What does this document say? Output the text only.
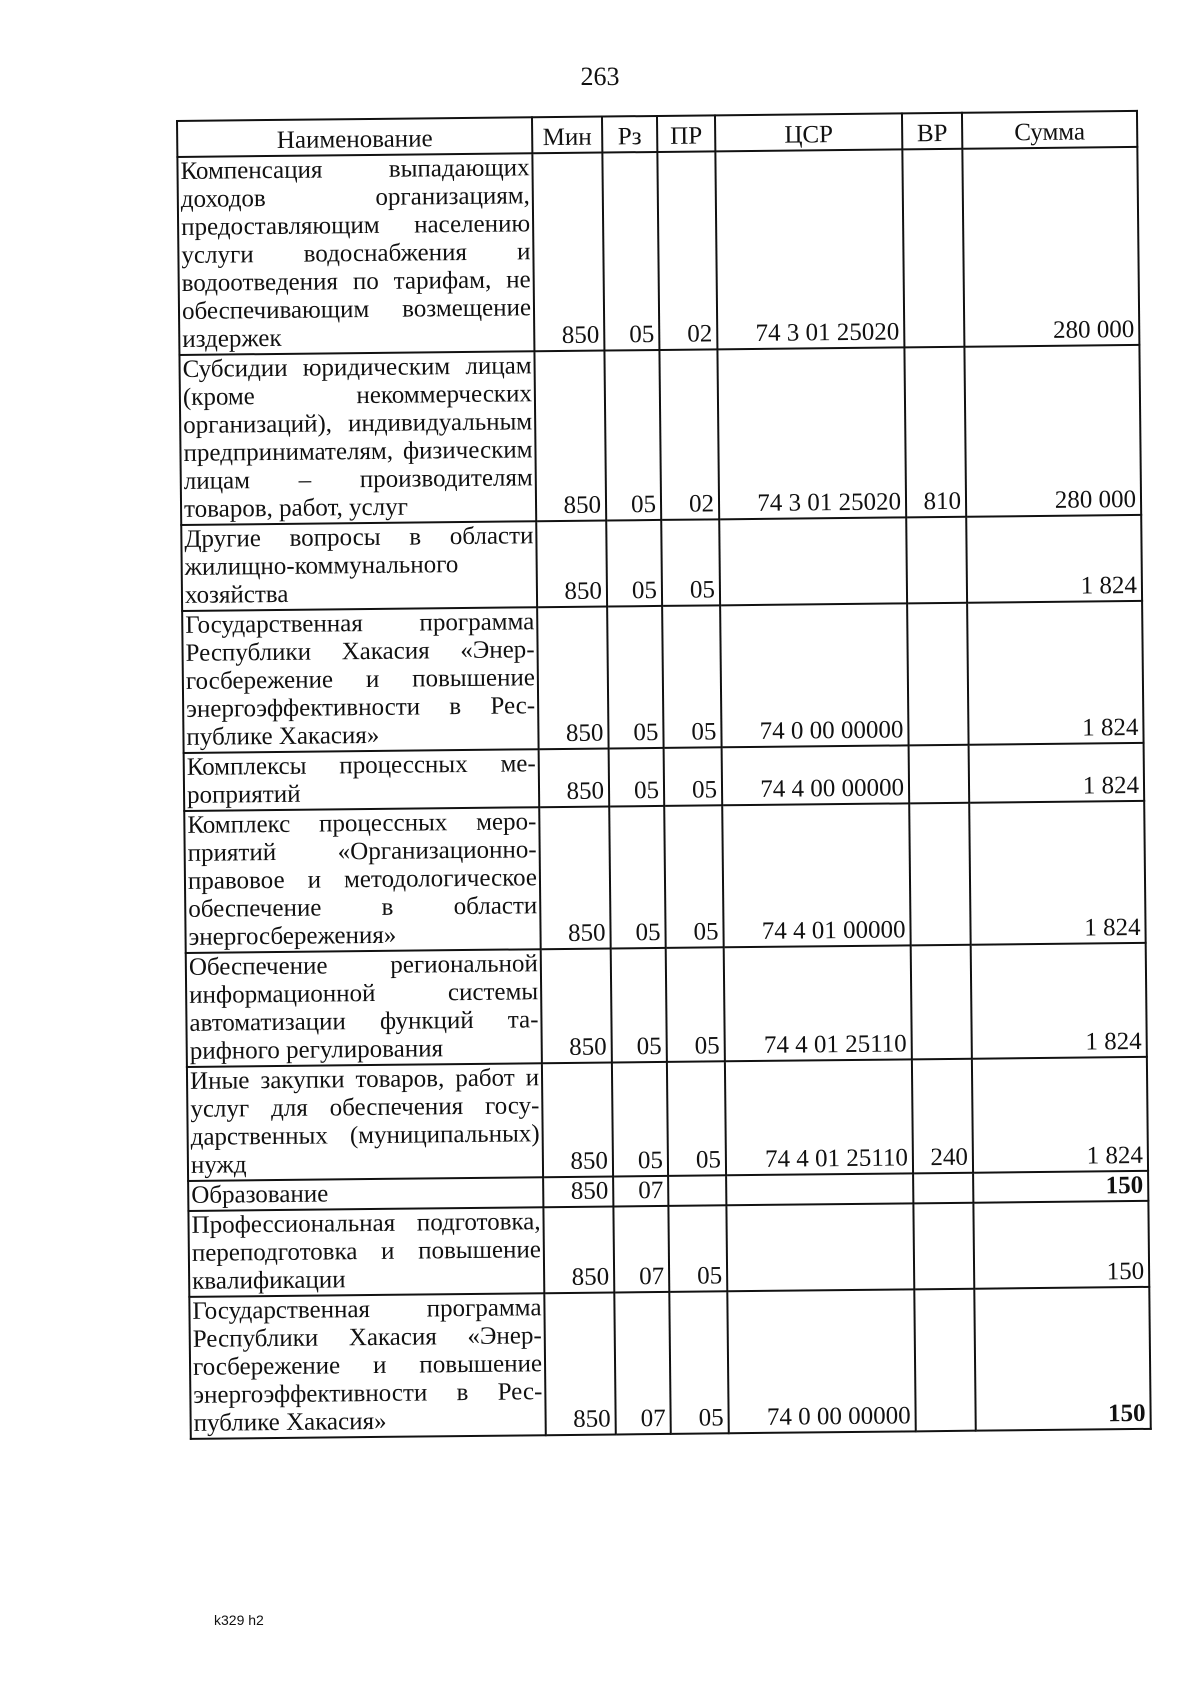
263
Наименование	Мин	Рз	ПР	ЦСР	ВР	Сумма
Компенсация выпадающих доходов организациям, предоставляющим населению услуги водоснабжения и водоотведения по тарифам, не обеспечивающим возмещение издержек	850	05	02	74 3 01 25020		280 000
Субсидии юридическим лицам (кроме некоммерческих организаций), индивидуальным предпринимателям, физическим лицам – производителям товаров, работ, услуг	850	05	02	74 3 01 25020	810	280 000
Другие вопросы в области жилищно-коммунального хозяйства	850	05	05			1 824
Государственная программа Республики Хакасия «Энергосбережение и повышение энергоэффективности в Республике Хакасия»	850	05	05	74 0 00 00000		1 824
Комплексы процессных мероприятий	850	05	05	74 4 00 00000		1 824
Комплекс процессных мероприятий «Организационно-правовое и методологическое обеспечение в области энергосбережения»	850	05	05	74 4 01 00000		1 824
Обеспечение региональной информационной системы автоматизации функций тарифного регулирования	850	05	05	74 4 01 25110		1 824
Иные закупки товаров, работ и услуг для обеспечения государственных (муниципальных) нужд	850	05	05	74 4 01 25110	240	1 824
Образование	850	07				150
Профессиональная подготовка, переподготовка и повышение квалификации	850	07	05			150
Государственная программа Республики Хакасия «Энергосбережение и повышение энергоэффективности в Республике Хакасия»	850	07	05	74 0 00 00000		150
k329 h2
